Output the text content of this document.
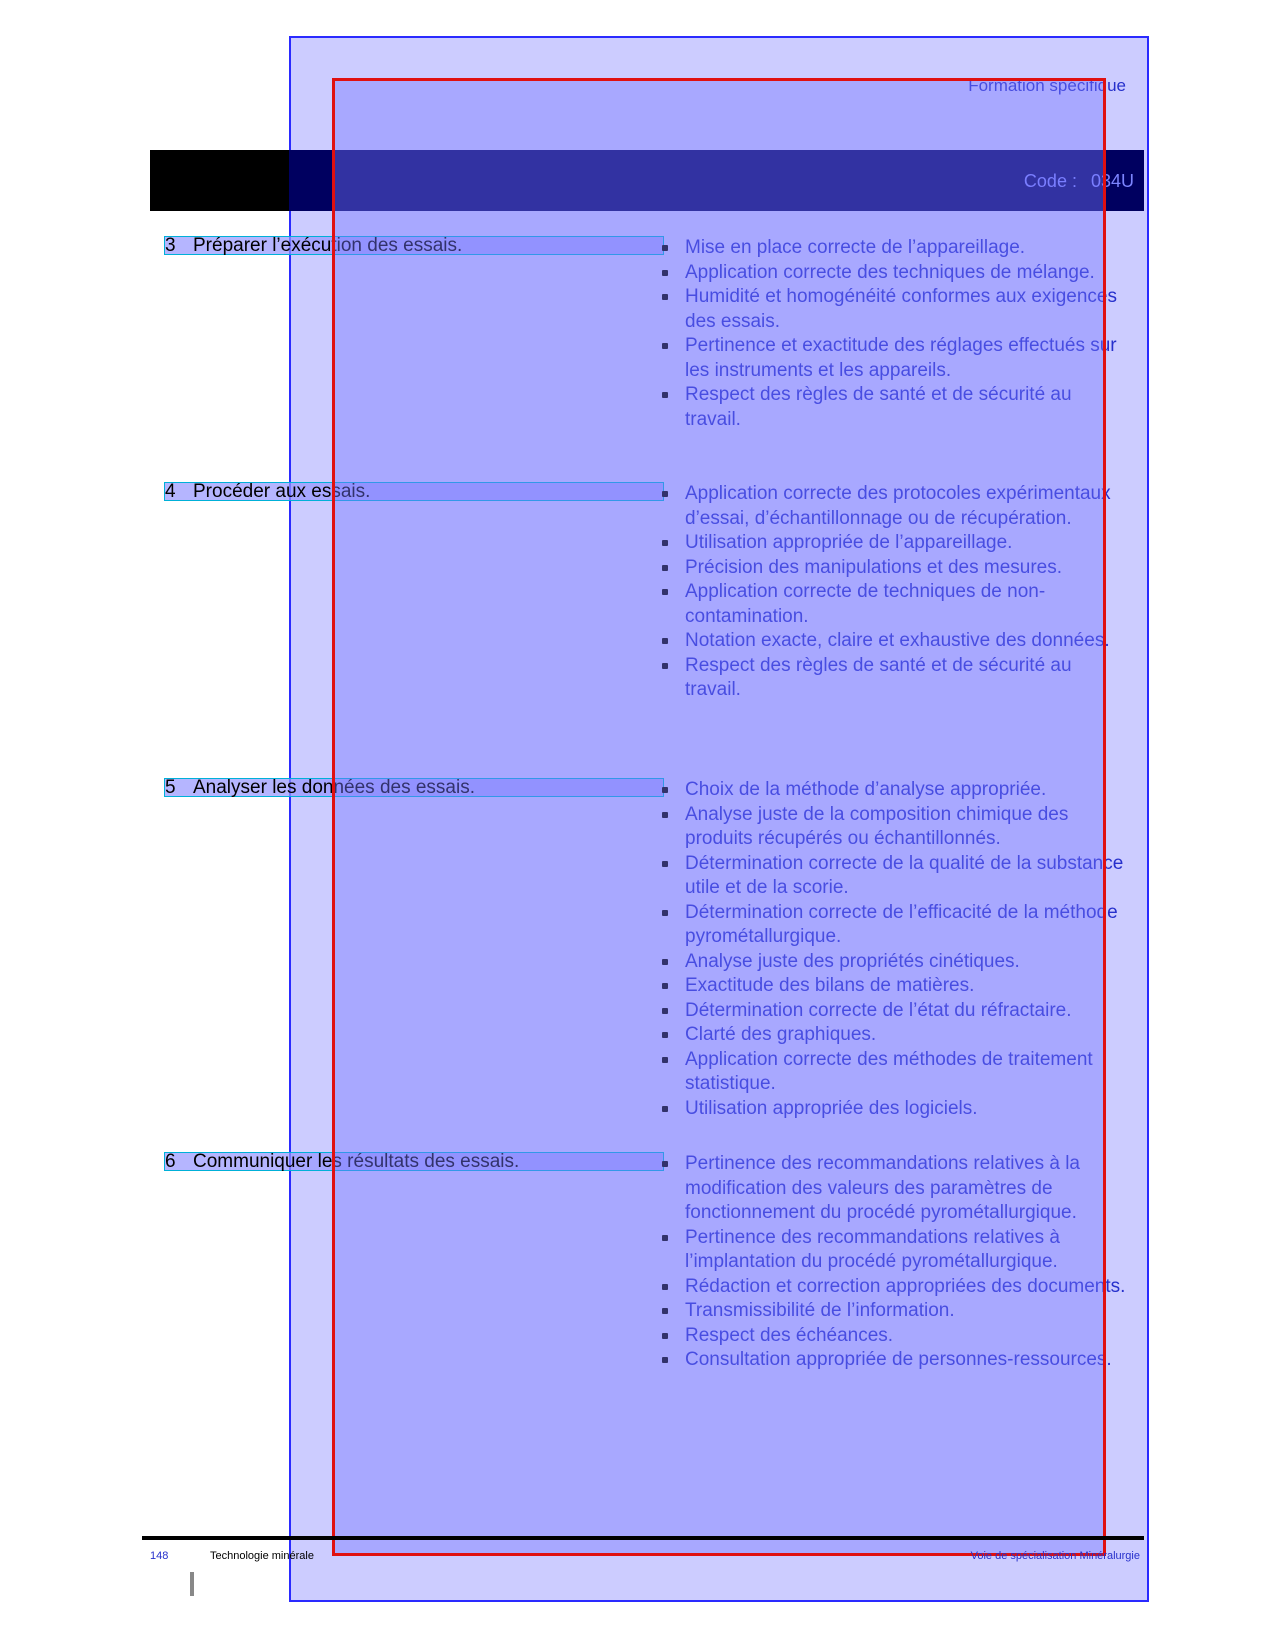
Formation spécifique
Code : 034U
3 Préparer l’exécution des essais.	Mise en place correcte de l’appareillage.
Application correcte des techniques de mélange.
Humidité et homogénéité conformes aux exigences des essais.
Pertinence et exactitude des réglages effectués sur les instruments et les appareils.
Respect des règles de santé et de sécurité au travail.
4 Procéder aux essais.	Application correcte des protocoles expérimentaux d’essai, d’échantillonnage ou de récupération.
Utilisation appropriée de l’appareillage.
Précision des manipulations et des mesures.
Application correcte de techniques de non-contamination.
Notation exacte, claire et exhaustive des données.
Respect des règles de santé et de sécurité au travail.
5 Analyser les données des essais.	Choix de la méthode d’analyse appropriée.
Analyse juste de la composition chimique des produits récupérés ou échantillonnés.
Détermination correcte de la qualité de la substance utile et de la scorie.
Détermination correcte de l’efficacité de la méthode pyrométallurgique.
Analyse juste des propriétés cinétiques.
Exactitude des bilans de matières.
Détermination correcte de l’état du réfractaire.
Clarté des graphiques.
Application correcte des méthodes de traitement statistique.
Utilisation appropriée des logiciels.
6 Communiquer les résultats des essais.	Pertinence des recommandations relatives à la modification des valeurs des paramètres de fonctionnement du procédé pyrométallurgique.
Pertinence des recommandations relatives à l’implantation du procédé pyrométallurgique.
Rédaction et correction appropriées des documents.
Transmissibilité de l’information.
Respect des échéances.
Consultation appropriée de personnes-ressources.
148	Technologie minérale	Voie de spécialisation Minéralurgie
